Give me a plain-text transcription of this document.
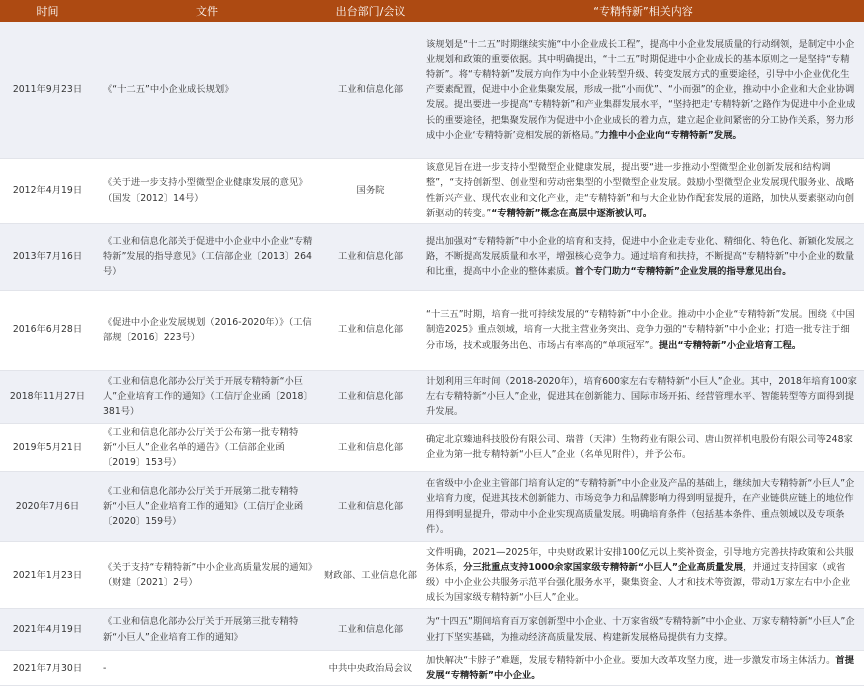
时间	文件	出台部门/会议	“专精特新”相关内容
2011年9月23日	《“十二五”中小企业成长规划》	工业和信息化部	该规划是“十二五”时期继续实施“中小企业成长工程”，提高中小企业发展质量的行动纲领，是制定中小企业规划和政策的重要依据。其中明确提出，“十二五”时期促进中小企业成长的基本原则之一是坚持“专精特新”。将“专精特新”发展方向作为中小企业转型升级、转变发展方式的重要途径，引导中小企业优化生产要素配置，促进中小企业集聚发展，形成一批“小而优”、“小而强”的企业，推动中小企业和大企业协调发展。提出要进一步提高“专精特新”和产业集群发展水平，“坚持把走‘专精特新’之路作为促进中小企业成长的重要途径，把集聚发展作为促进中小企业成长的着力点，建立起企业间紧密的分工协作关系，努力形成中小企业‘专精特新’竞相发展的新格局。”力推中小企业向“专精特新”发展。
2012年4月19日	《关于进一步支持小型微型企业健康发展的意见》（国发〔2012〕14号）	国务院	该意见旨在进一步支持小型微型企业健康发展，提出要“进一步推动小型微型企业创新发展和结构调整”，“支持创新型、创业型和劳动密集型的小型微型企业发展。鼓励小型微型企业发展现代服务业、战略性新兴产业、现代农业和文化产业，走“专精特新”和与大企业协作配套发展的道路，加快从要素驱动向创新驱动的转变。”“专精特新”概念在高层中逐渐被认可。
2013年7月16日	《工业和信息化部关于促进中小企业中小企业“专精特新”发展的指导意见》（工信部企业〔2013〕264号）	工业和信息化部	提出加强对“专精特新”中小企业的培育和支持，促进中小企业走专业化、精细化、特色化、新颖化发展之路，不断提高发展质量和水平，增强核心竞争力。通过培育和扶持，不断提高“专精特新”中小企业的数量和比重，提高中小企业的整体素质。首个专门助力“专精特新”企业发展的指导意见出台。
2016年6月28日	《促进中小企业发展规划（2016-2020年）》（工信部规〔2016〕223号）	工业和信息化部	“十三五”时期，培育一批可持续发展的“专精特新”中小企业。推动中小企业“专精特新”发展。围绕《中国制造2025》重点领域，培育一大批主营业务突出、竞争力强的“专精特新”中小企业；打造一批专注于细分市场，技术或服务出色、市场占有率高的“单项冠军”。提出“专精特新”小企业培育工程。
2018年11月27日	《工业和信息化部办公厅关于开展专精特新“小巨人”企业培育工作的通知》（工信厅企业函〔2018〕381号）	工业和信息化部	计划利用三年时间（2018-2020年），培育600家左右专精特新“小巨人”企业。其中，2018年培育100家左右专精特新“小巨人”企业，促进其在创新能力、国际市场开拓、经营管理水平、智能转型等方面得到提升发展。
2019年5月21日	《工业和信息化部办公厅关于公布第一批专精特新“小巨人”企业名单的通告》（工信部企业函〔2019〕153号）	工业和信息化部	确定北京臻迪科技股份有限公司、瑞普（天津）生物药业有限公司、唐山贺祥机电股份有限公司等248家企业为第一批专精特新“小巨人”企业（名单见附件），并予公布。
2020年7月6日	《工业和信息化部办公厅关于开展第二批专精特新“小巨人”企业培育工作的通知》（工信厅企业函〔2020〕159号）	工业和信息化部	在省级中小企业主管部门培育认定的“专精特新”中小企业及产品的基础上，继续加大专精特新“小巨人”企业培育力度，促进其技术创新能力、市场竞争力和品牌影响力得到明显提升，在产业链供应链上的地位作用得到明显提升，带动中小企业实现高质量发展。明确培育条件（包括基本条件、重点领域以及专项条件）。
2021年1月23日	《关于支持“专精特新”中小企业高质量发展的通知》（财建〔2021〕2号）	财政部、工业信息化部	文件明确，2021—2025年，中央财政累计安排100亿元以上奖补资金，引导地方完善扶持政策和公共服务体系，分三批重点支持1000余家国家级专精特新“小巨人”企业高质量发展，并通过支持国家（或省级）中小企业公共服务示范平台强化服务水平，聚集资金、人才和技术等资源，带动1万家左右中小企业成长为国家级专精特新“小巨人”企业。
2021年4月19日	《工业和信息化部办公厅关于开展第三批专精特新“小巨人”企业培育工作的通知》	工业和信息化部	为“十四五”期间培育百万家创新型中小企业、十万家省级“专精特新”中小企业、万家专精特新“小巨人”企业打下坚实基础，为推动经济高质量发展、构建新发展格局提供有力支撑。
2021年7月30日	-	中共中央政治局会议	加快解决“卡脖子”难题，发展专精特新中小企业。要加大改革攻坚力度，进一步激发市场主体活力。首提发展“专精特新”中小企业。
